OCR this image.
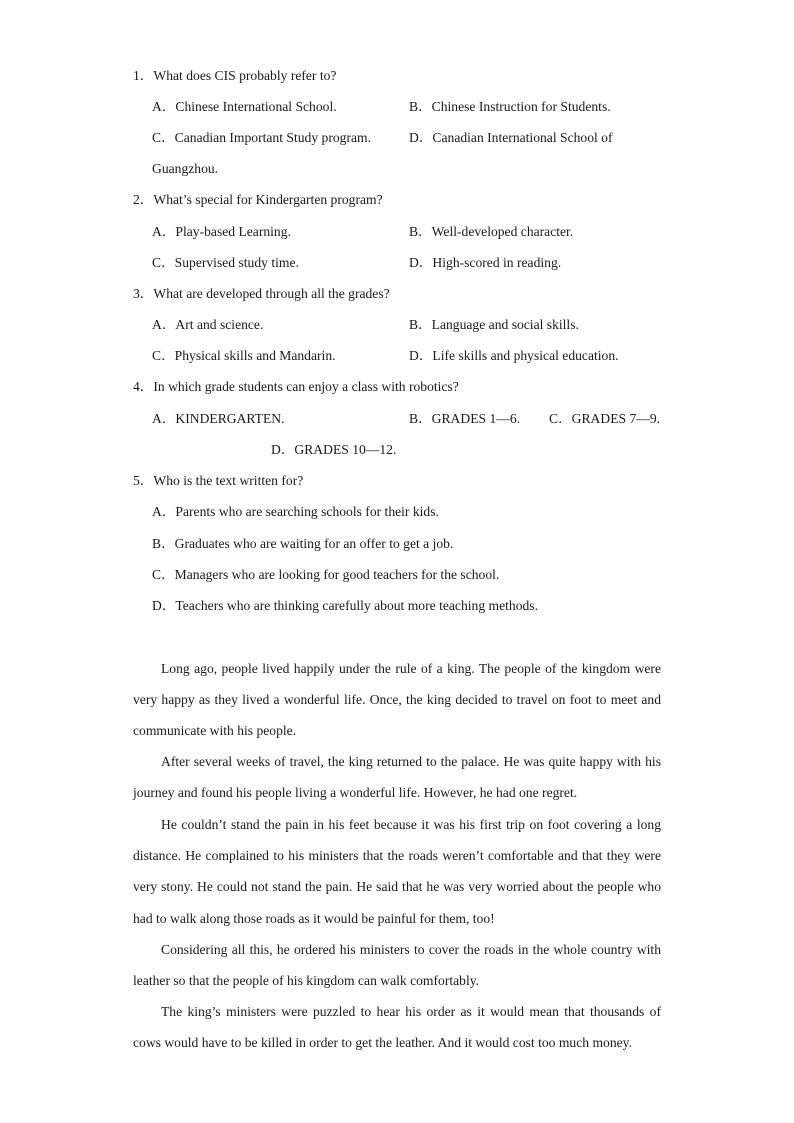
1．What does CIS probably refer to?
A．Chinese International School.	B．Chinese Instruction for Students.
C．Canadian Important Study program.	D．Canadian International School of
Guangzhou.
2．What’s special for Kindergarten program?
A．Play-based Learning.	B．Well-developed character.
C．Supervised study time.	D．High-scored in reading.
3．What are developed through all the grades?
A．Art and science.	B．Language and social skills.
C．Physical skills and Mandarin.	D．Life skills and physical education.
4．In which grade students can enjoy a class with robotics?
A．KINDERGARTEN.	B．GRADES 1—6. C．GRADES 7—9.
D．GRADES 10—12.
5．Who is the text written for?
A．Parents who are searching schools for their kids.
B．Graduates who are waiting for an offer to get a job.
C．Managers who are looking for good teachers for the school.
D．Teachers who are thinking carefully about more teaching methods.

Long ago, people lived happily under the rule of a king. The people of the kingdom were very happy as they lived a wonderful life. Once, the king decided to travel on foot to meet and communicate with his people.

After several weeks of travel, the king returned to the palace. He was quite happy with his journey and found his people living a wonderful life. However, he had one regret.

He couldn’t stand the pain in his feet because it was his first trip on foot covering a long distance. He complained to his ministers that the roads weren’t comfortable and that they were very stony. He could not stand the pain. He said that he was very worried about the people who had to walk along those roads as it would be painful for them, too!

Considering all this, he ordered his ministers to cover the roads in the whole country with leather so that the people of his kingdom can walk comfortably.

The king’s ministers were puzzled to hear his order as it would mean that thousands of cows would have to be killed in order to get the leather. And it would cost too much money.
